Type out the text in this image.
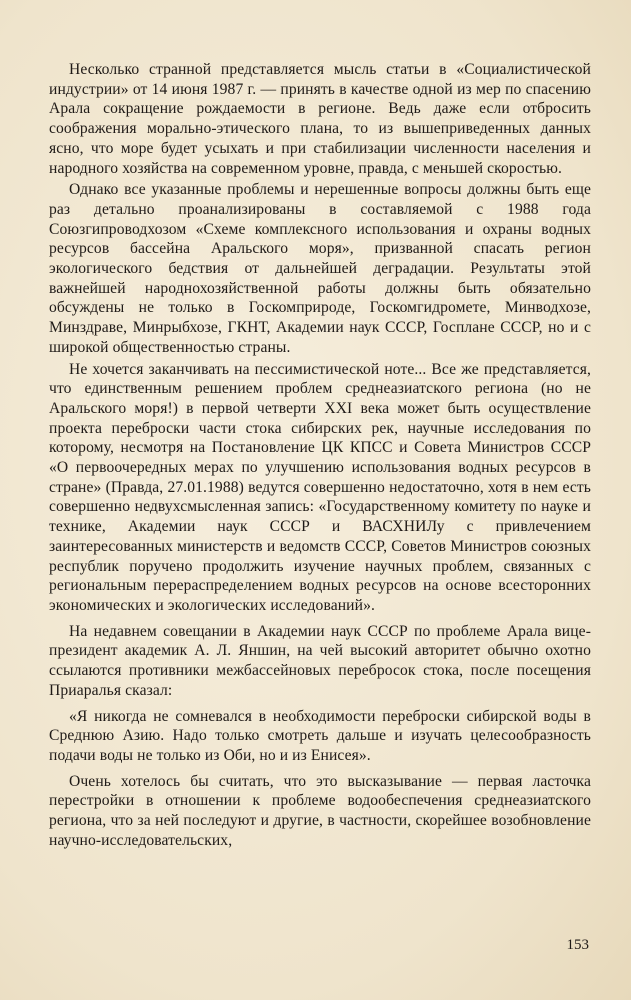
Несколько странной представляется мысль статьи в «Социалистической индустрии» от 14 июня 1987 г. — принять в качестве одной из мер по спасению Арала сокращение рождаемости в регионе. Ведь даже если отбросить соображения морально-этического плана, то из вышеприведенных данных ясно, что море будет усыхать и при стабилизации численности населения и народного хозяйства на современном уровне, правда, с меньшей скоростью.

Однако все указанные проблемы и нерешенные вопросы должны быть еще раз детально проанализированы в составляемой с 1988 года Союзгипроводхозом «Схеме комплексного использования и охраны водных ресурсов бассейна Аральского моря», призванной спасать регион экологического бедствия от дальнейшей деградации. Результаты этой важнейшей народнохозяйственной работы должны быть обязательно обсуждены не только в Госкомприроде, Госкомгидромете, Минводхозе, Минздраве, Минрыбхозе, ГКНТ, Академии наук СССР, Госплане СССР, но и с широкой общественностью страны.

Не хочется заканчивать на пессимистической ноте... Все же представляется, что единственным решением проблем среднеазиатского региона (но не Аральского моря!) в первой четверти XXI века может быть осуществление проекта переброски части стока сибирских рек, научные исследования по которому, несмотря на Постановление ЦК КПСС и Совета Министров СССР «О первоочередных мерах по улучшению использования водных ресурсов в стране» (Правда, 27.01.1988) ведутся совершенно недостаточно, хотя в нем есть совершенно недвухсмысленная запись: «Государственному комитету по науке и технике, Академии наук СССР и ВАСХНИЛу с привлечением заинтересованных министерств и ведомств СССР, Советов Министров союзных республик поручено продолжить изучение научных проблем, связанных с региональным перераспределением водных ресурсов на основе всесторонних экономических и экологических исследований».

На недавнем совещании в Академии наук СССР по проблеме Арала вице-президент академик А. Л. Яншин, на чей высокий авторитет обычно охотно ссылаются противники межбассейновых перебросок стока, после посещения Приаралья сказал:

«Я никогда не сомневался в необходимости переброски сибирской воды в Среднюю Азию. Надо только смотреть дальше и изучать целесообразность подачи воды не только из Оби, но и из Енисея».

Очень хотелось бы считать, что это высказывание — первая ласточка перестройки в отношении к проблеме водообеспечения среднеазиатского региона, что за ней последуют и другие, в частности, скорейшее возобновление научно-исследовательских,

153
